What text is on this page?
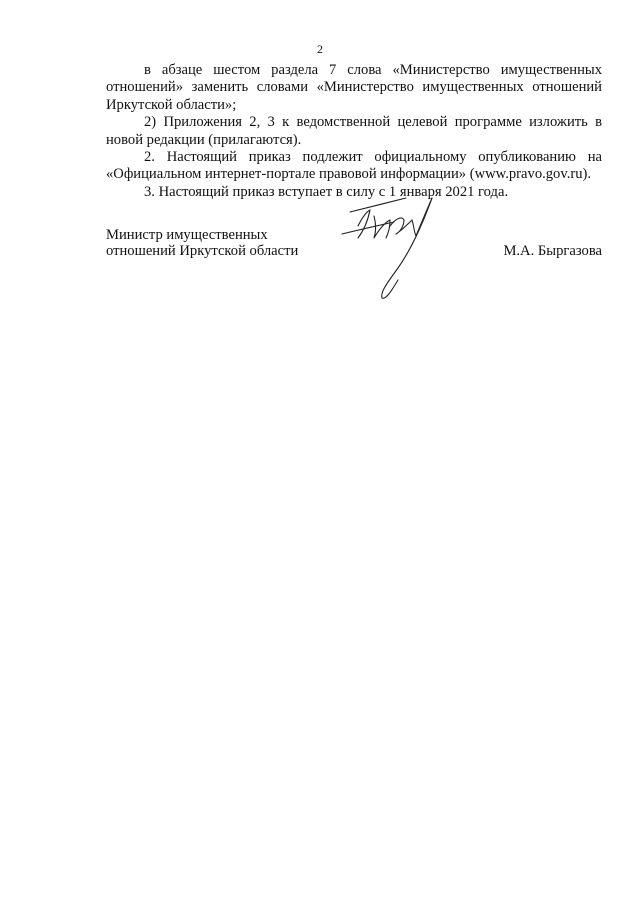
2

в абзаце шестом раздела 7 слова «Министерство имущественных отношений» заменить словами «Министерство имущественных отношений Иркутской области»;

2) Приложения 2, 3 к ведомственной целевой программе изложить в новой редакции (прилагаются).

2. Настоящий приказ подлежит официальному опубликованию на «Официальном интернет-портале правовой информации» (www.pravo.gov.ru).

3. Настоящий приказ вступает в силу с 1 января 2021 года.

Министр имущественных
отношений Иркутской области	М.А. Быргазова
